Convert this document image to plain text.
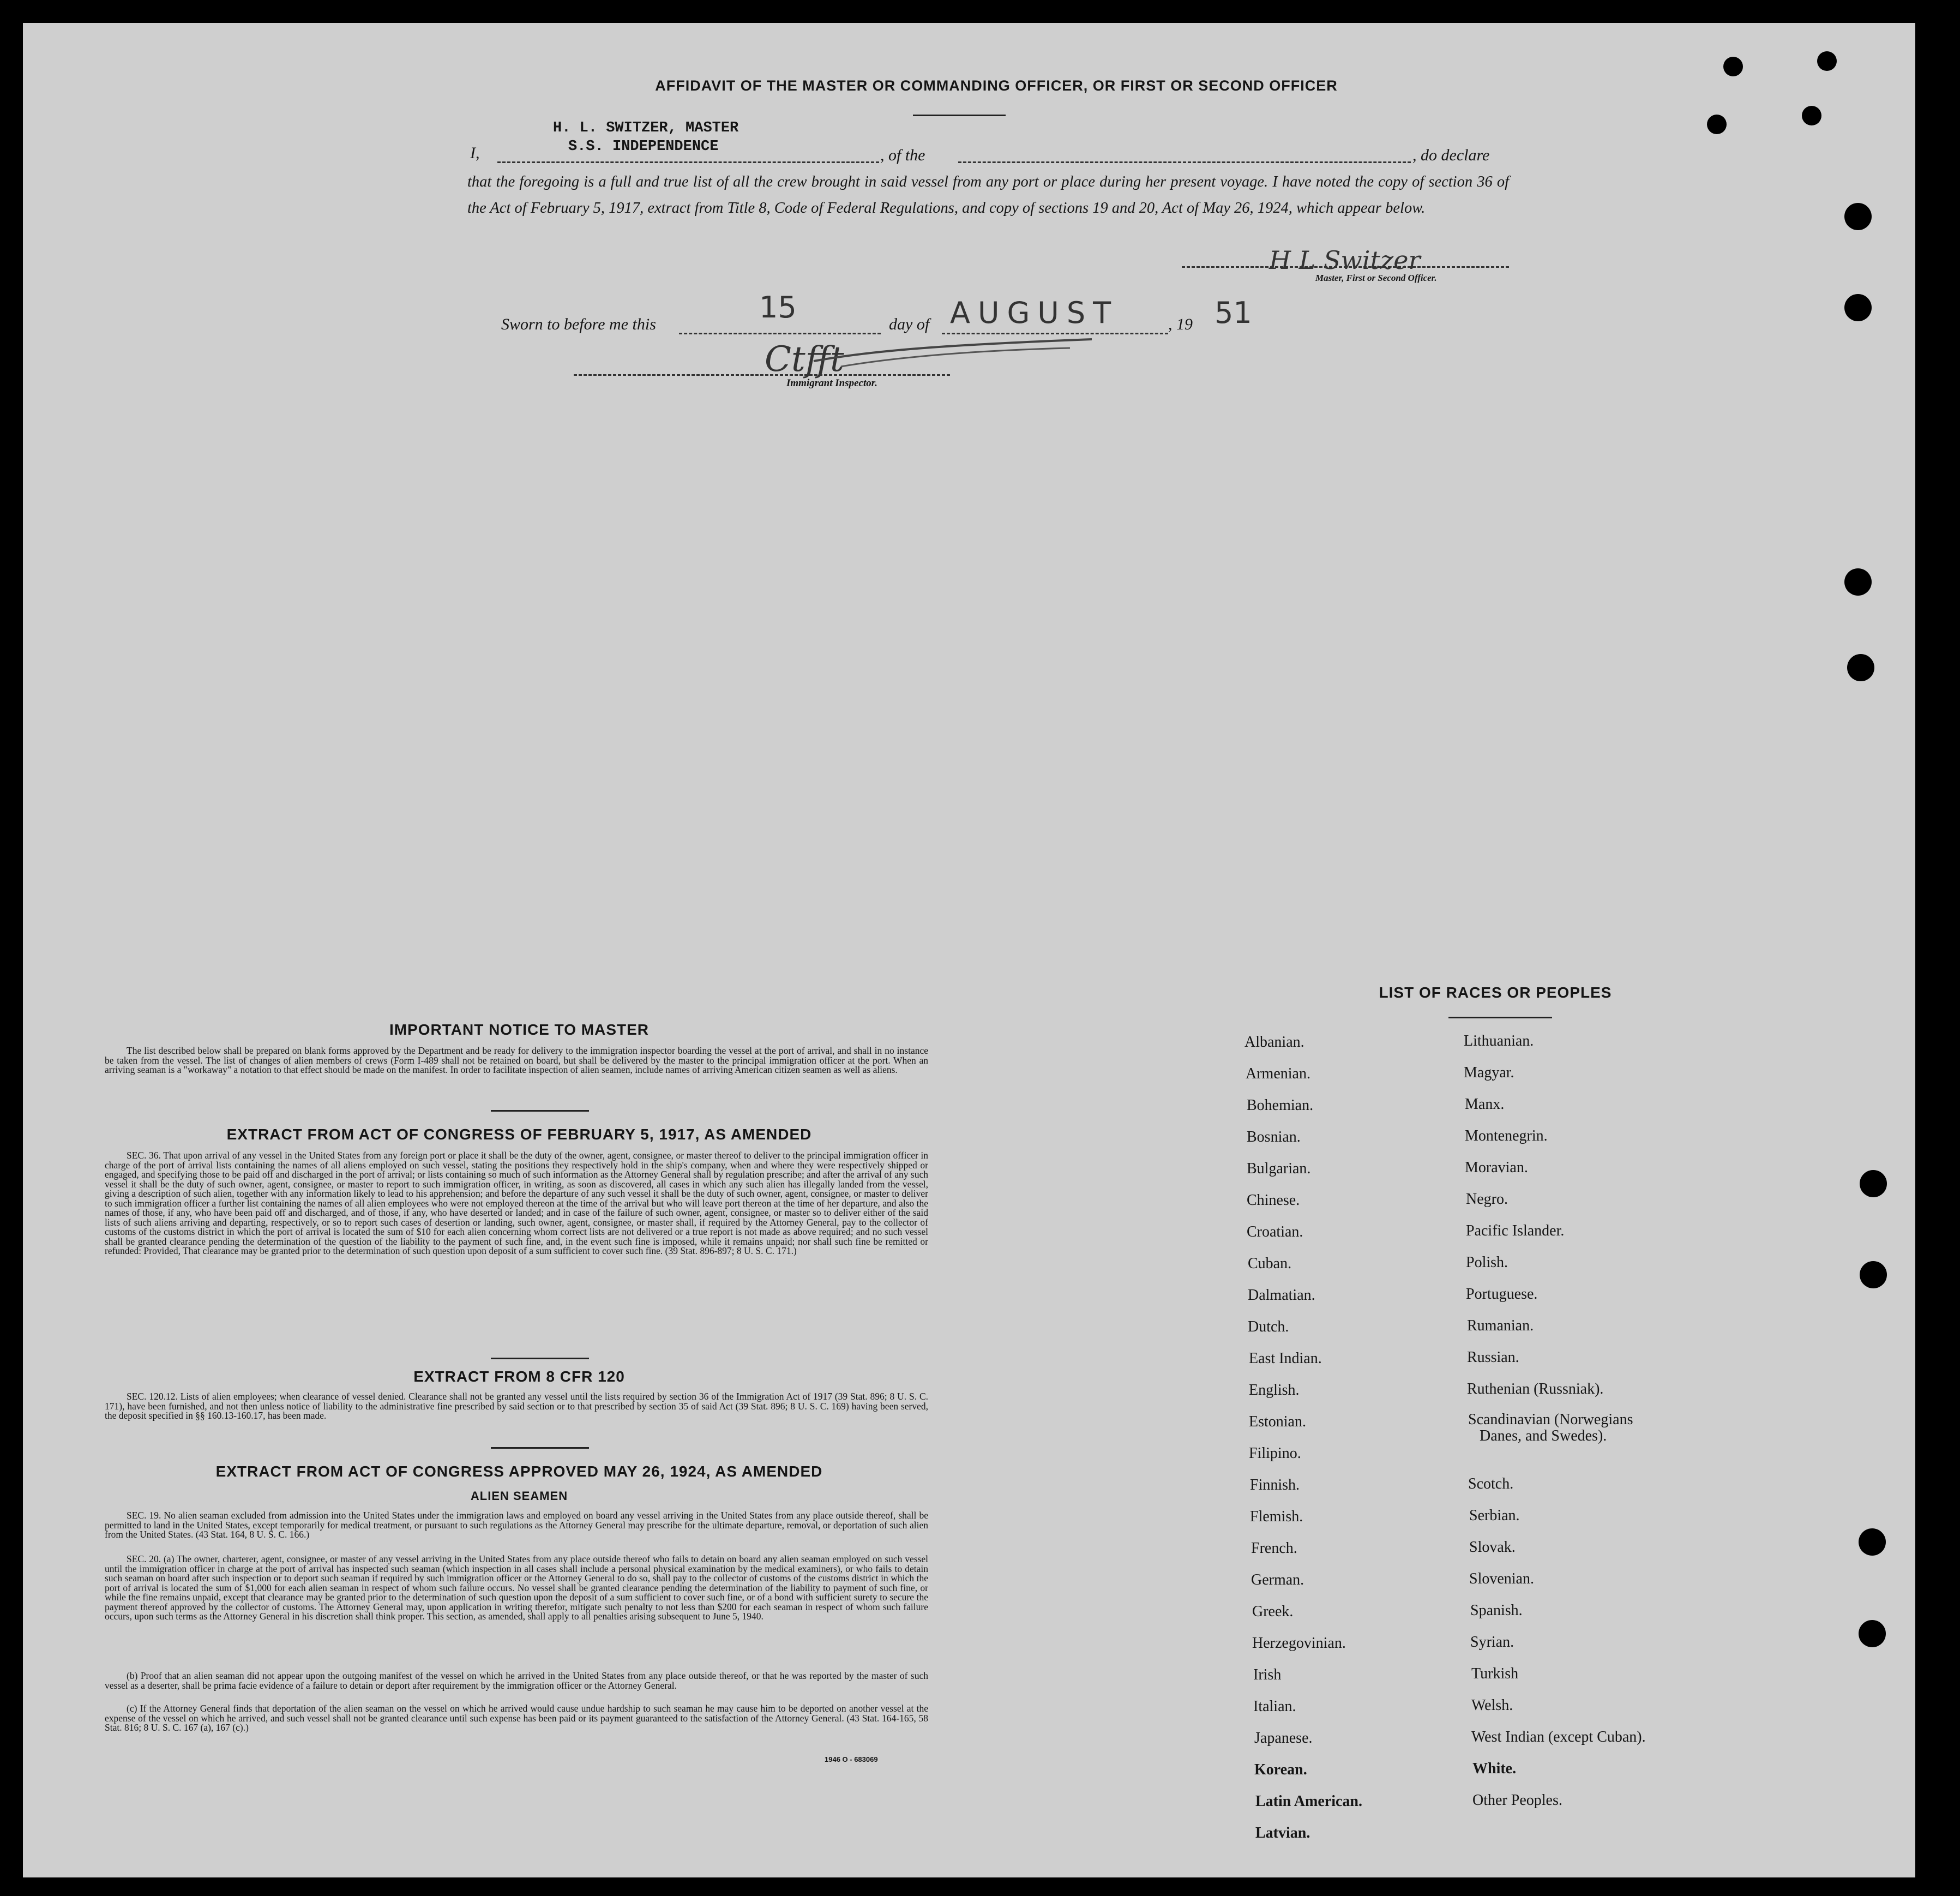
AFFIDAVIT OF THE MASTER OR COMMANDING OFFICER, OR FIRST OR SECOND OFFICER
H. L. SWITZER, MASTER
S.S. INDEPENDENCE
I,	, of the	, do declare

that the foregoing is a full and true list of all the crew brought in said vessel from any port or place during her present voyage. I have noted the copy of section 36 of the Act of February 5, 1917, extract from Title 8, Code of Federal Regulations, and copy of sections 19 and 20, Act of May 26, 1924, which appear below.

H L Switzer
Master, First or Second Officer.
Sworn to before me this	15	day of AUGUST	, 19 51
Ctfft
Immigrant Inspector.
IMPORTANT NOTICE TO MASTER

The list described below shall be prepared on blank forms approved by the Department and be ready for delivery to the immigration inspector boarding the vessel at the port of arrival, and shall in no instance be taken from the vessel. The list of changes of alien members of crews (Form I-489 shall not be retained on board, but shall be delivered by the master to the principal immigration officer at the port. When an arriving seaman is a "workaway" a notation to that effect should be made on the manifest. In order to facilitate inspection of alien seamen, include names of arriving American citizen seamen as well as aliens.

EXTRACT FROM ACT OF CONGRESS OF FEBRUARY 5, 1917, AS AMENDED

SEC. 36. That upon arrival of any vessel in the United States from any foreign port or place it shall be the duty of the owner, agent, consignee, or master thereof to deliver to the principal immigration officer in charge of the port of arrival lists containing the names of all aliens employed on such vessel, stating the positions they respectively hold in the ship's company, when and where they were respectively shipped or engaged, and specifying those to be paid off and discharged in the port of arrival; or lists containing so much of such information as the Attorney General shall by regulation prescribe; and after the arrival of any such vessel it shall be the duty of such owner, agent, consignee, or master to report to such immigration officer, in writing, as soon as discovered, all cases in which any such alien has illegally landed from the vessel, giving a description of such alien, together with any information likely to lead to his apprehension; and before the departure of any such vessel it shall be the duty of such owner, agent, consignee, or master to deliver to such immigration officer a further list containing the names of all alien employees who were not employed thereon at the time of the arrival but who will leave port thereon at the time of her departure, and also the names of those, if any, who have been paid off and discharged, and of those, if any, who have deserted or landed; and in case of the failure of such owner, agent, consignee, or master so to deliver either of the said lists of such aliens arriving and departing, respectively, or so to report such cases of desertion or landing, such owner, agent, consignee, or master shall, if required by the Attorney General, pay to the collector of customs of the customs district in which the port of arrival is located the sum of $10 for each alien concerning whom correct lists are not delivered or a true report is not made as above required; and no such vessel shall be granted clearance pending the determination of the question of the liability to the payment of such fine, and, in the event such fine is imposed, while it remains unpaid; nor shall such fine be remitted or refunded: Provided, That clearance may be granted prior to the determination of such question upon deposit of a sum sufficient to cover such fine. (39 Stat. 896-897; 8 U. S. C. 171.)

EXTRACT FROM 8 CFR 120

SEC. 120.12. Lists of alien employees; when clearance of vessel denied. Clearance shall not be granted any vessel until the lists required by section 36 of the Immigration Act of 1917 (39 Stat. 896; 8 U. S. C. 171), have been furnished, and not then unless notice of liability to the administrative fine prescribed by said section or to that prescribed by section 35 of said Act (39 Stat. 896; 8 U. S. C. 169) having been served, the deposit specified in §§ 160.13-160.17, has been made.

EXTRACT FROM ACT OF CONGRESS APPROVED MAY 26, 1924, AS AMENDED
ALIEN SEAMEN

SEC. 19. No alien seaman excluded from admission into the United States under the immigration laws and employed on board any vessel arriving in the United States from any place outside thereof, shall be permitted to land in the United States, except temporarily for medical treatment, or pursuant to such regulations as the Attorney General may prescribe for the ultimate departure, removal, or deportation of such alien from the United States. (43 Stat. 164, 8 U. S. C. 166.)

SEC. 20. (a) The owner, charterer, agent, consignee, or master of any vessel arriving in the United States from any place outside thereof who fails to detain on board any alien seaman employed on such vessel until the immigration officer in charge at the port of arrival has inspected such seaman (which inspection in all cases shall include a personal physical examination by the medical examiners), or who fails to detain such seaman on board after such inspection or to deport such seaman if required by such immigration officer or the Attorney General to do so, shall pay to the collector of customs of the customs district in which the port of arrival is located the sum of $1,000 for each alien seaman in respect of whom such failure occurs. No vessel shall be granted clearance pending the determination of the liability to payment of such fine, or while the fine remains unpaid, except that clearance may be granted prior to the determination of such question upon the deposit of a sum sufficient to cover such fine, or of a bond with sufficient surety to secure the payment thereof approved by the collector of customs. The Attorney General may, upon application in writing therefor, mitigate such penalty to not less than $200 for each seaman in respect of whom such failure occurs, upon such terms as the Attorney General in his discretion shall think proper. This section, as amended, shall apply to all penalties arising subsequent to June 5, 1940.

(b) Proof that an alien seaman did not appear upon the outgoing manifest of the vessel on which he arrived in the United States from any place outside thereof, or that he was reported by the master of such vessel as a deserter, shall be prima facie evidence of a failure to detain or deport after requirement by the immigration officer or the Attorney General.

(c) If the Attorney General finds that deportation of the alien seaman on the vessel on which he arrived would cause undue hardship to such seaman he may cause him to be deported on another vessel at the expense of the vessel on which he arrived, and such vessel shall not be granted clearance until such expense has been paid or its payment guaranteed to the satisfaction of the Attorney General. (43 Stat. 164-165, 58 Stat. 816; 8 U. S. C. 167 (a), 167 (c).)

1946 O - 683069
LIST OF RACES OR PEOPLES
Albanian.
Armenian.
Bohemian.
Bosnian.
Bulgarian.
Chinese.
Croatian.
Cuban.
Dalmatian.
Dutch.
East Indian.
English.
Estonian.
Filipino.
Finnish.
Flemish.
French.
German.
Greek.
Herzegovinian.
Irish
Italian.
Japanese.
Korean.
Latin American.
Latvian.
Lithuanian.
Magyar.
Manx.
Montenegrin.
Moravian.
Negro.
Pacific Islander.
Polish.
Portuguese.
Rumanian.
Russian.
Ruthenian (Russniak).
Scandinavian (Norwegians
Danes, and Swedes).
Scotch.
Serbian.
Slovak.
Slovenian.
Spanish.
Syrian.
Turkish
Welsh.
West Indian (except Cuban).
White.
Other Peoples.
